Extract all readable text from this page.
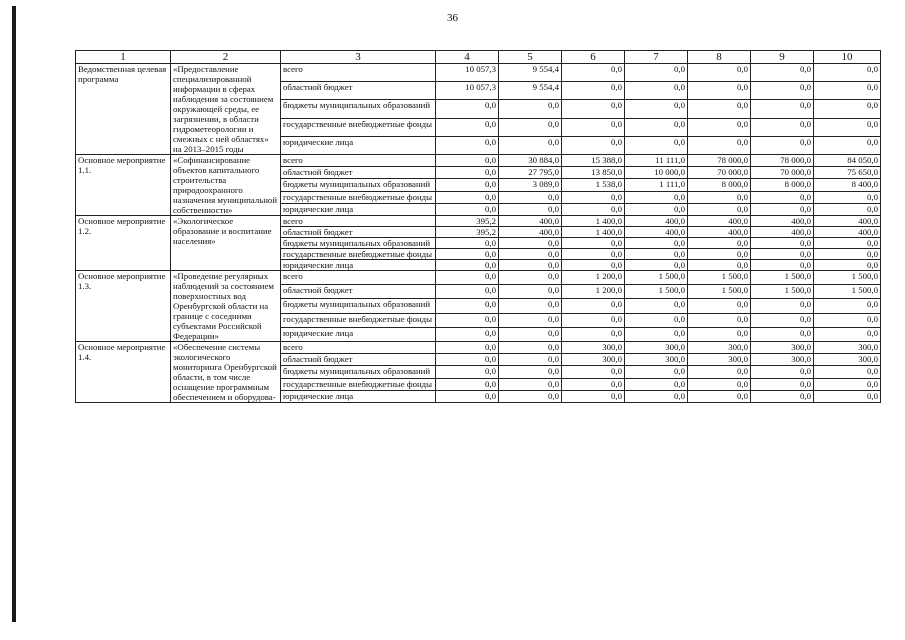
36
1	2	3	4	5	6	7	8	9	10
Ведомственная целевая программа	«Предоставление специализированной информации в сферах наблюдения за состоянием окружающей среды, ее загрязнении, в области гидрометеорологии и смежных с ней областях» на 2013–2015 годы	всего	10 057,3	9 554,4	0,0	0,0	0,0	0,0	0,0
		областной бюджет	10 057,3	9 554,4	0,0	0,0	0,0	0,0	0,0
		бюджеты муниципальных образований	0,0	0,0	0,0	0,0	0,0	0,0	0,0
		государственные внебюджетные фонды	0,0	0,0	0,0	0,0	0,0	0,0	0,0
		юридические лица	0,0	0,0	0,0	0,0	0,0	0,0	0,0
Основное мероприятие 1.1.	«Софинансирование объектов капитального строительства природоохранного назначения муниципальной собственности»	всего	0,0	30 884,0	15 388,0	11 111,0	78 000,0	78 000,0	84 050,0
		областной бюджет	0,0	27 795,0	13 850,0	10 000,0	70 000,0	70 000,0	75 650,0
		бюджеты муниципальных образований	0,0	3 089,0	1 538,0	1 111,0	8 000,0	8 000,0	8 400,0
		государственные внебюджетные фонды	0,0	0,0	0,0	0,0	0,0	0,0	0,0
		юридические лица	0,0	0,0	0,0	0,0	0,0	0,0	0,0
Основное мероприятие 1.2.	«Экологическое образование и воспитание населения»	всего	395,2	400,0	1 400,0	400,0	400,0	400,0	400,0
		областной бюджет	395,2	400,0	1 400,0	400,0	400,0	400,0	400,0
		бюджеты муниципальных образований	0,0	0,0	0,0	0,0	0,0	0,0	0,0
		государственные внебюджетные фонды	0,0	0,0	0,0	0,0	0,0	0,0	0,0
		юридические лица	0,0	0,0	0,0	0,0	0,0	0,0	0,0
Основное мероприятие 1.3.	«Проведение регулярных наблюдений за состоянием поверхностных вод Оренбургской области на границе с соседними субъектами Российской Федерации»	всего	0,0	0,0	1 200,0	1 500,0	1 500,0	1 500,0	1 500,0
		областной бюджет	0,0	0,0	1 200,0	1 500,0	1 500,0	1 500,0	1 500,0
		бюджеты муниципальных образований	0,0	0,0	0,0	0,0	0,0	0,0	0,0
		государственные внебюджетные фонды	0,0	0,0	0,0	0,0	0,0	0,0	0,0
		юридические лица	0,0	0,0	0,0	0,0	0,0	0,0	0,0
Основное мероприятие 1.4.	«Обеспечение системы экологического мониторинга Оренбургской области, в том числе оснащение программным обеспечением и оборудова-	всего	0,0	0,0	300,0	300,0	300,0	300,0	300,0
		областной бюджет	0,0	0,0	300,0	300,0	300,0	300,0	300,0
		бюджеты муниципальных образований	0,0	0,0	0,0	0,0	0,0	0,0	0,0
		государственные внебюджетные фонды	0,0	0,0	0,0	0,0	0,0	0,0	0,0
		юридические лица	0,0	0,0	0,0	0,0	0,0	0,0	0,0
